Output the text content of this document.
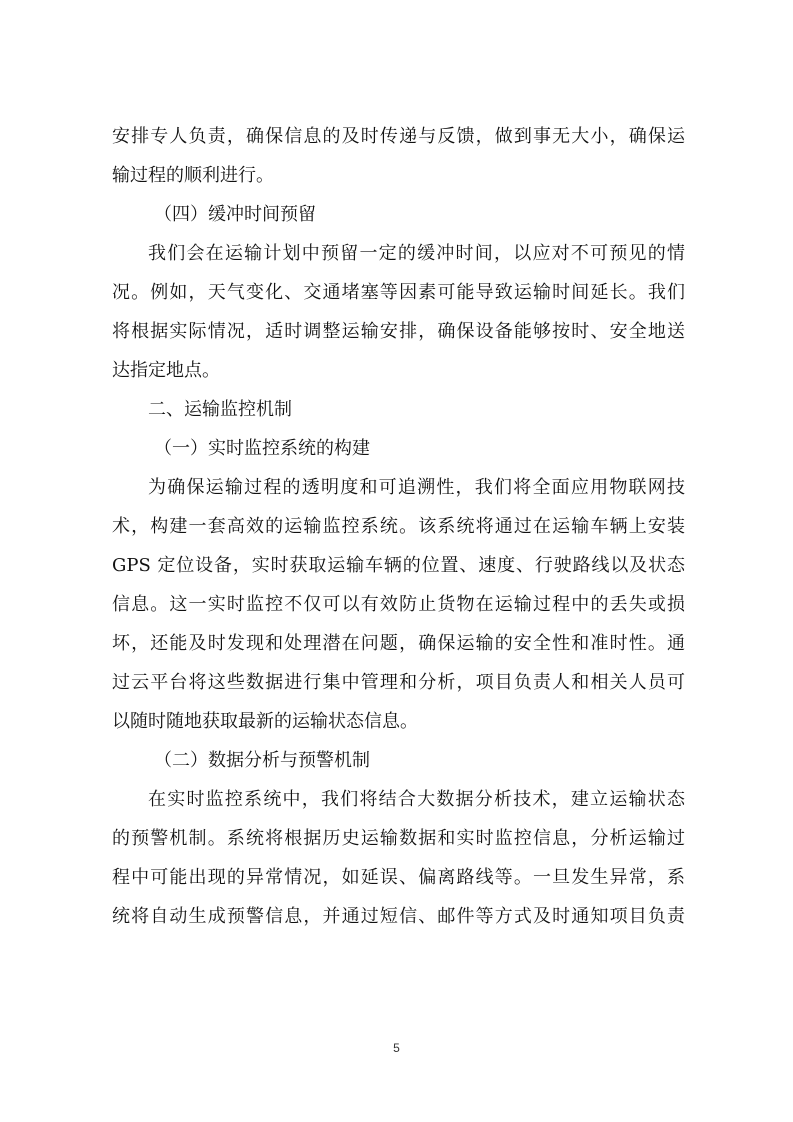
安排专人负责，确保信息的及时传递与反馈，做到事无大小，确保运
输过程的顺利进行。
（四）缓冲时间预留
我们会在运输计划中预留一定的缓冲时间，以应对不可预见的情
况。例如，天气变化、交通堵塞等因素可能导致运输时间延长。我们
将根据实际情况，适时调整运输安排，确保设备能够按时、安全地送
达指定地点。
二、运输监控机制
（一）实时监控系统的构建
为确保运输过程的透明度和可追溯性，我们将全面应用物联网技
术，构建一套高效的运输监控系统。该系统将通过在运输车辆上安装
GPS 定位设备，实时获取运输车辆的位置、速度、行驶路线以及状态
信息。这一实时监控不仅可以有效防止货物在运输过程中的丢失或损
坏，还能及时发现和处理潜在问题，确保运输的安全性和准时性。通
过云平台将这些数据进行集中管理和分析，项目负责人和相关人员可
以随时随地获取最新的运输状态信息。
（二）数据分析与预警机制
在实时监控系统中，我们将结合大数据分析技术，建立运输状态
的预警机制。系统将根据历史运输数据和实时监控信息，分析运输过
程中可能出现的异常情况，如延误、偏离路线等。一旦发生异常，系
统将自动生成预警信息，并通过短信、邮件等方式及时通知项目负责
5
